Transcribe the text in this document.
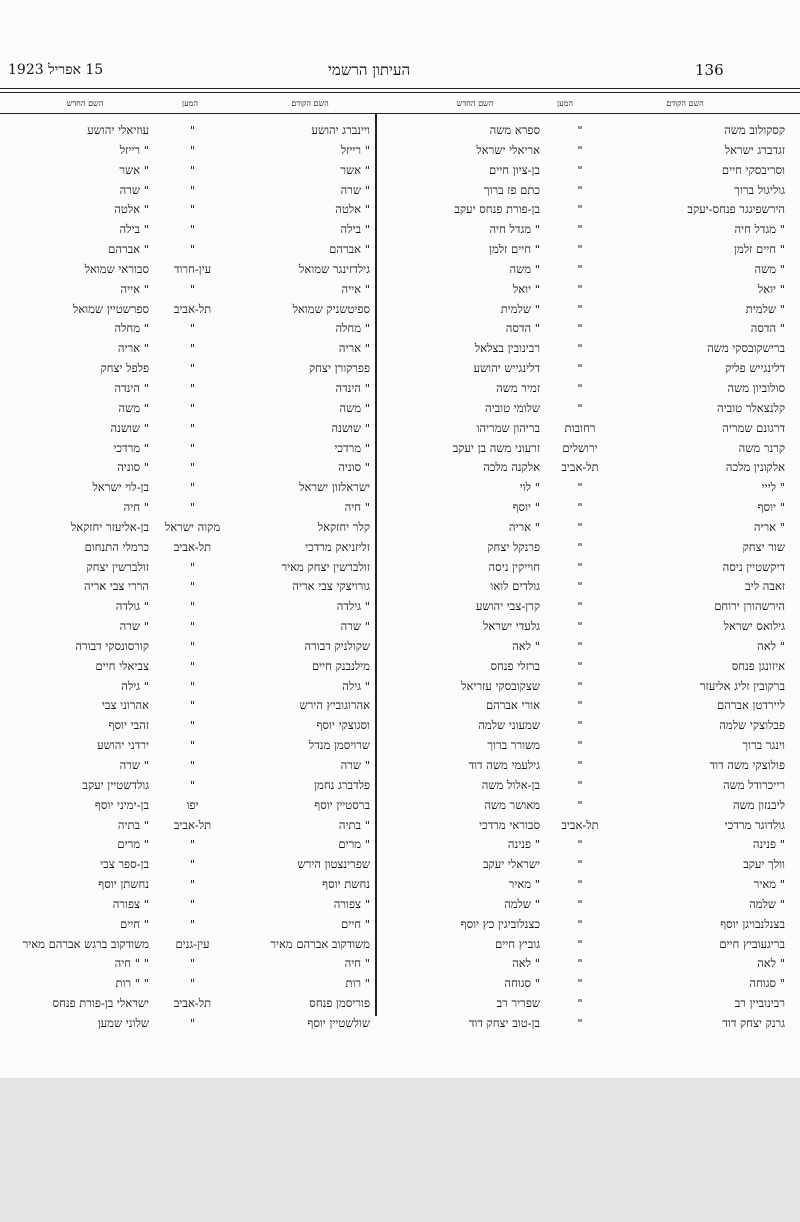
136
העיתון הרשמי
15 אפריל 1923
השם הקודם
המען
השם החדש
השם הקודם
המען
השם החדש
קסקולוב משה
זגדברג ישראל
וסריבסקי חיים
גוליגול ברוך
הירשפיגגר פנחס-יעקב
" מגדל חיה
" חיים זלמן
" משה
" יואל
" שלמית
" הדסה
ברישקובסקי משה
דלינגייש פליק
סולוביון משה
קלנצאלר טוביה
דרגונם שמריה
קרנר משה
אלקונין מלכה
" לייי
" יוסף
" אריה
שור יצחק
דיקשטיין ניסה
זאבה ליב
הירשהורן ירוחם
גילואס ישראל
" לאה
איזונגן פנחס
ברקובין זליג אליעזר
ליירדטן אברהם
פבלוצקי שלמה
וינגר ברוך
פולוצקי משה דוד
רייכרודל משה
ליבנזון משה
גולדוגר מרדכי
" פנינה
וולך יעקב
" מאיר
" שלמה
בצנלנבויגן יוסף
בריגעוביץ חיים
" לאה
" סגוחה
רבינוביין רב
גרנק יצחק דוד
"
"
"
"
"
"
"
"
"
"
"
"
"
"
"
רחובות
ירושלים
תל-אביב
"
"
"
"
"
"
"
"
"
"
"
"
"
"
"
"
"
תל-אביב
"
"
"
"
"
"
"
"
"
"
ספרא משה
אריאלי ישראל
בן-ציון חיים
כתם פז ברוך
בן-פורת פנחס יעקב
" מגדל חיה
" חיים זלמן
" משה
" יואל
" שלמית
" הדסה
רבינובין בצלאל
דלינגייש יהושע
זמיר משה
שלומי טוביה
בריהון שמריהו
זרעוני משה בן יעקב
אלקנה מלכה
" לוי
" יוסף
" אריה
פרנקל יצחק
חוייקין ניסה
גולדים לואו
קרן-צבי יהושע
גלעדי ישראל
" לאה
ברזלי פנחס
שצקובסקי עזריאל
אורי אברהם
שמעוני שלמה
משורר ברוך
גילעמי משה דוד
בן-אלול משה
מאושר משה
סבוראי מרדכי
" פנינה
ישראלי יעקב
" מאיר
" שלמה
כצנלוביגין כץ יוסף
גוביץ חיים
" לאה
" סגוחה
שפריר רב
בן-טוב יצחק דוד
ויינברג יהושע
" רייזל
" אשר
" שרה
" אלטה
" בילה
" אברהם
גילדזינגר שמואל
" אייה
ספיטשניק שמואל
" מחלה
" אריה
פפרקורן יצחק
" הינדה
" משה
" שושנה
" מרדכי
" סוניה
ישראלזון ישראל
" חיה
קלר יחזקאל
זליזניאק מרדכי
זולברשין יצחק מאיר
גורויצקי צבי אריה
" גילדה
" שרה
שקולניק דבורה
מילנבנק חיים
" גילה
אהרוגוביץ הירש
וסגוצקי יוסף
שרויסמן מנדל
" שרה
פלדברג נחמן
ברסטיין יוסף
" בתיה
" מרים
שפרינצטון הירש
נחשת יוסף
" צפורה
" חיים
משודקוב אברהם מאיר
" חיה
" רות
פוריסמן פנחס
שולשטיין יוסף
"
"
"
"
"
"
"
עין-חרוד
"
תל-אביב
"
"
"
"
"
"
"
"
"
"
מקוה ישראל
תל-אביב
"
"
"
"
"
"
"
"
"
"
"
"
יפו
תל-אביב
"
"
"
"
"
עין-גנים
"
"
תל-אביב
"
עוזיאלי יהושע
" רייזל
" אשר
" שרה
" אלטה
" בילה
" אברהם
סבוראי שמואל
" אייה
ספרשטיין שמואל
" מחלה
" אריה
פלפל יצחק
" הינדה
" משה
" שושנה
" מרדכי
" סוניה
בן-לוי ישראל
" חיה
בן-אליעזר יחזקאל
כרמלי התנחום
זולברשין יצחק
הררי צבי אריה
" גולדה
" שרה
קורסונסקי דבורה
צביאלי חיים
" גילה
אהרוני צבי
זהבי יוסף
ירדני יהושע
" שרה
גולדשטיין יעקב
בן-ימיני יוסף
" בתיה
" מרים
בן-ספר צבי
נחשתן יוסף
" צפורה
" חיים
משודקוב ברגש אברהם מאיר
" " חיה
" " רות
ישראלי בן-פורת פנחס
שלוני שמען
